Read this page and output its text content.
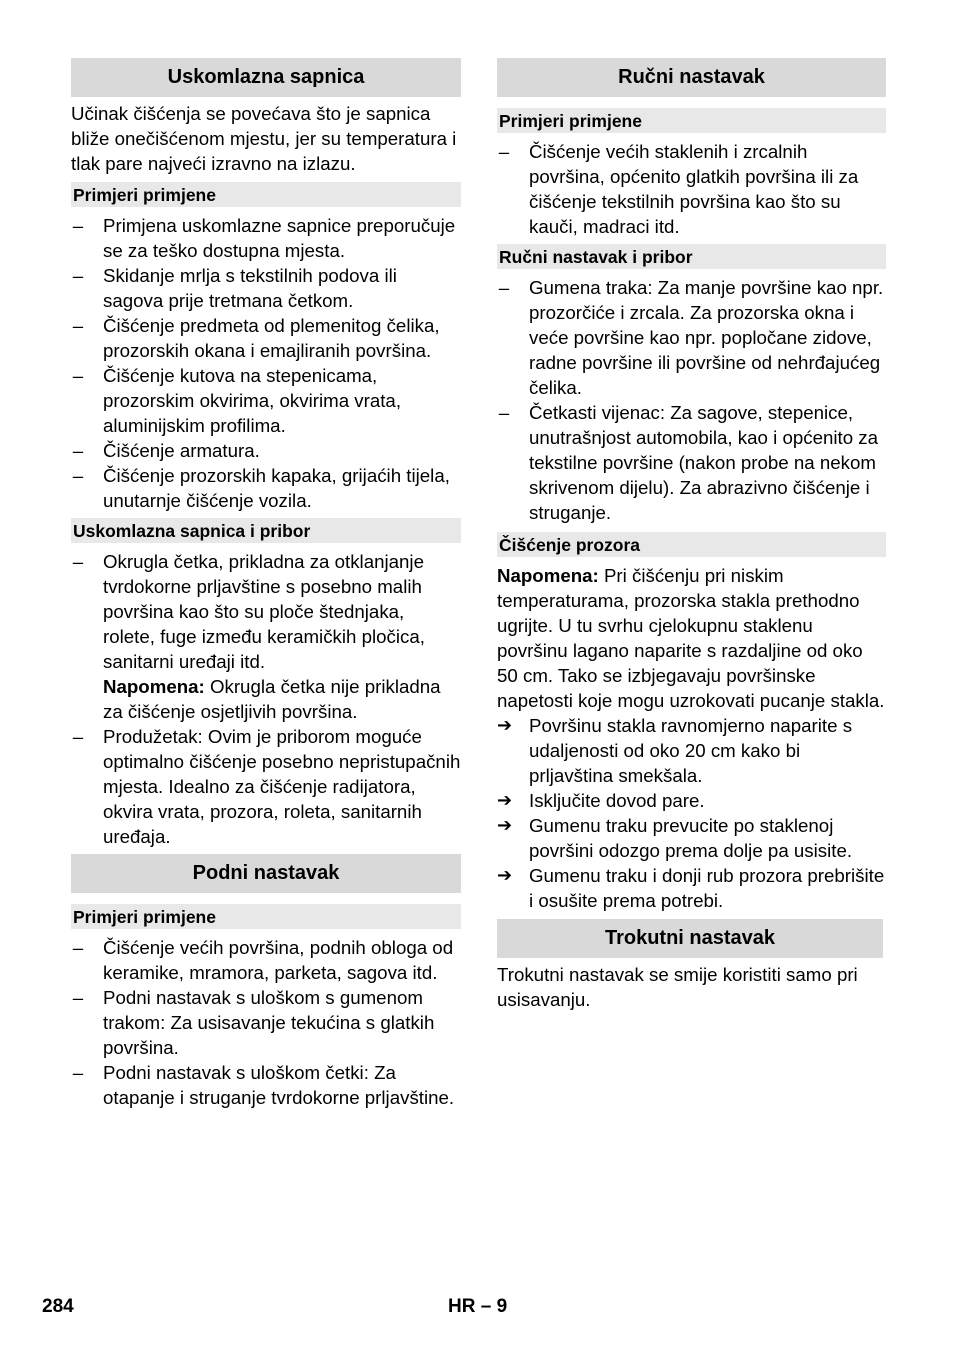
Uskomlazna sapnica

Učinak čišćenja se povećava što je sapnica bliže onečišćenom mjestu, jer su temperatura i tlak pare najveći izravno na izlazu.

Primjeri primjene
– Primjena uskomlazne sapnice preporučuje se za teško dostupna mjesta.
– Skidanje mrlja s tekstilnih podova ili sagova prije tretmana četkom.
– Čišćenje predmeta od plemenitog čelika, prozorskih okana i emajliranih površina.
– Čišćenje kutova na stepenicama, prozorskim okvirima, okvirima vrata, aluminijskim profilima.
– Čišćenje armatura.
– Čišćenje prozorskih kapaka, grijaćih tijela, unutarnje čišćenje vozila.
Uskomlazna sapnica i pribor
– Okrugla četka, prikladna za otklanjanje tvrdokorne prljavštine s posebno malih površina kao što su ploče štednjaka, rolete, fuge između keramičkih pločica, sanitarni uređaji itd.
Napomena: Okrugla četka nije prikladna za čišćenje osjetljivih površina.
– Produžetak: Ovim je priborom moguće optimalno čišćenje posebno nepristupačnih mjesta. Idealno za čišćenje radijatora, okvira vrata, prozora, roleta, sanitarnih uređaja.
Podni nastavak
Primjeri primjene
– Čišćenje većih površina, podnih obloga od keramike, mramora, parketa, sagova itd.
– Podni nastavak s uloškom s gumenom trakom: Za usisavanje tekućina s glatkih površina.
– Podni nastavak s uloškom četki: Za otapanje i struganje tvrdokorne prljavštine.
Ručni nastavak
Primjeri primjene
– Čišćenje većih staklenih i zrcalnih površina, općenito glatkih površina ili za čišćenje tekstilnih površina kao što su kauči, madraci itd.
Ručni nastavak i pribor
– Gumena traka: Za manje površine kao npr. prozorčiće i zrcala. Za prozorska okna i veće površine kao npr. popločane zidove, radne površine ili površine od nehrđajućeg čelika.
– Četkasti vijenac: Za sagove, stepenice, unutrašnjost automobila, kao i općenito za tekstilne površine (nakon probe na nekom skrivenom dijelu). Za abrazivno čišćenje i struganje.
Čišćenje prozora

Napomena: Pri čišćenju pri niskim temperaturama, prozorska stakla prethodno ugrijte. U tu svrhu cjelokupnu staklenu površinu lagano naparite s razdaljine od oko 50 cm. Tako se izbjegavaju površinske napetosti koje mogu uzrokovati pucanje stakla.

➔ Površinu stakla ravnomjerno naparite s udaljenosti od oko 20 cm kako bi prljavština smekšala.
➔ Isključite dovod pare.
➔ Gumenu traku prevucite po staklenoj površini odozgo prema dolje pa usisite.
➔ Gumenu traku i donji rub prozora prebrišite i osušite prema potrebi.
Trokutni nastavak

Trokutni nastavak se smije koristiti samo pri usisavanju.

284	HR – 9
